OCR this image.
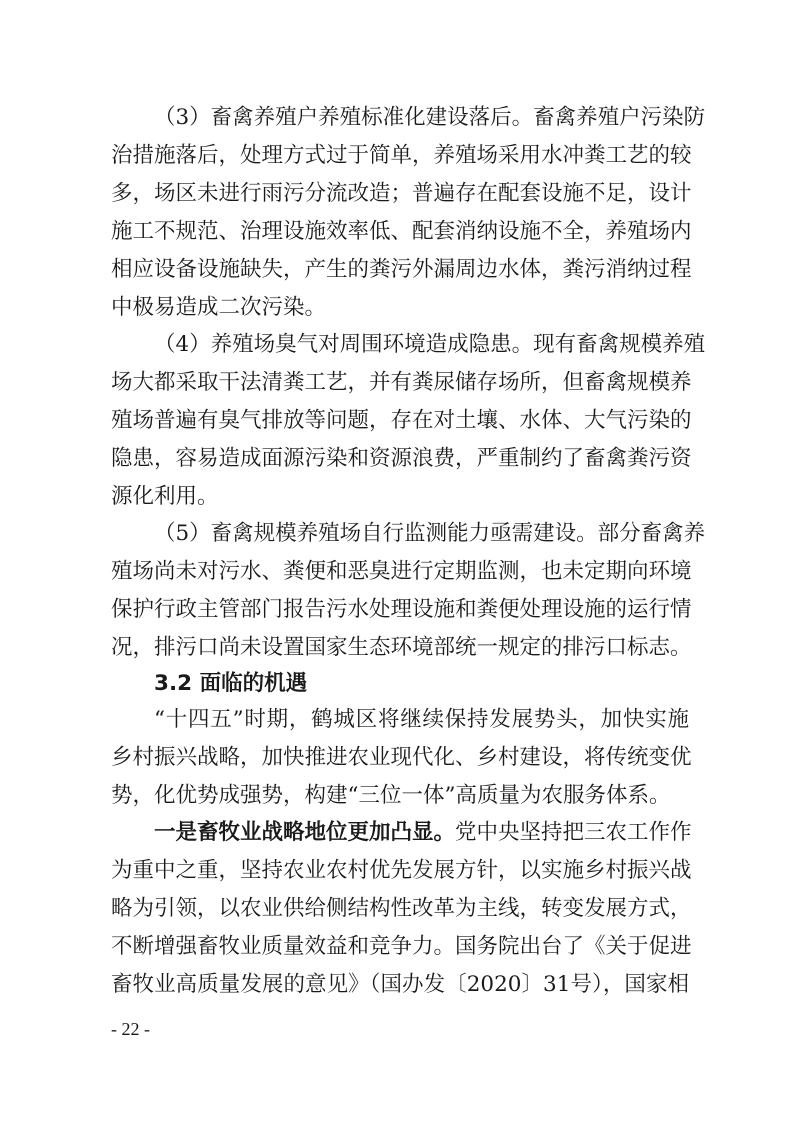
（3）畜禽养殖户养殖标准化建设落后。畜禽养殖户污染防
治措施落后，处理方式过于简单，养殖场采用水冲粪工艺的较
多，场区未进行雨污分流改造；普遍存在配套设施不足，设计
施工不规范、治理设施效率低、配套消纳设施不全，养殖场内
相应设备设施缺失，产生的粪污外漏周边水体，粪污消纳过程
中极易造成二次污染。
（4）养殖场臭气对周围环境造成隐患。现有畜禽规模养殖
场大都采取干法清粪工艺，并有粪尿储存场所，但畜禽规模养
殖场普遍有臭气排放等问题，存在对土壤、水体、大气污染的
隐患，容易造成面源污染和资源浪费，严重制约了畜禽粪污资
源化利用。
（5）畜禽规模养殖场自行监测能力亟需建设。部分畜禽养
殖场尚未对污水、粪便和恶臭进行定期监测，也未定期向环境
保护行政主管部门报告污水处理设施和粪便处理设施的运行情
况，排污口尚未设置国家生态环境部统一规定的排污口标志。
3.2 面临的机遇
“十四五”时期，鹤城区将继续保持发展势头，加快实施
乡村振兴战略，加快推进农业现代化、乡村建设，将传统变优
势，化优势成强势，构建“三位一体”高质量为农服务体系。
一是畜牧业战略地位更加凸显。党中央坚持把三农工作作
为重中之重，坚持农业农村优先发展方针，以实施乡村振兴战
略为引领，以农业供给侧结构性改革为主线，转变发展方式，
不断增强畜牧业质量效益和竞争力。国务院出台了《关于促进
畜牧业高质量发展的意见》（国办发〔2020〕31号），国家相
- 22 -
